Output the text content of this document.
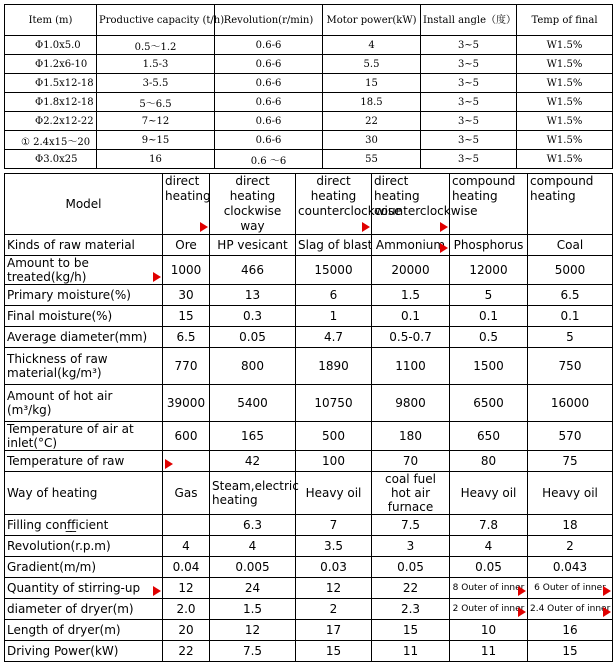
Item (m)	Productive capacity (t/h)	Revolution(r/min)	Motor power(kW)	Install angle（度）	Temp of final
Φ1.0x5.0	0.5～1.2	0.6-6	4	3~5	W1.5%
Φ1.2x6-10	1.5-3	0.6-6	5.5	3~5	W1.5%
Φ1.5x12-18	3-5.5	0.6-6	15	3~5	W1.5%
Φ1.8x12-18	5～6.5	0.6-6	18.5	3~5	W1.5%
Φ2.2x12-22	7~12	0.6-6	22	3~5	W1.5%
① 2.4x15～20	9~15	0.6-6	30	3~5	W1.5%
Φ3.0x25	16	0.6 ～6	55	3~5	W1.5%
Model	direct heating	direct heating clockwise way	direct heating counterclockwise	direct heating counterclockwise	compound heating	compound heating
Kinds of raw material	Ore	HP vesicant	Slag of blast	Ammonium	Phosphorus	Coal
Amount to be treated(kg/h)	1000	466	15000	20000	12000	5000
Primary moisture(%)	30	13	6	1.5	5	6.5
Final moisture(%)	15	0.3	1	0.1	0.1	0.1
Average diameter(mm)	6.5	0.05	4.7	0.5-0.7	0.5	5
Thickness of raw material(kg/m³)	770	800	1890	1100	1500	750
Amount of hot air (m³/kg)	39000	5400	10750	9800	6500	16000
Temperature of air at inlet(°C)	600	165	500	180	650	570
Temperature of raw		42	100	70	80	75
Way of heating	Gas	Steam,electric heating	Heavy oil	coal fuel hot air furnace	Heavy oil	Heavy oil
Filling conf̲f̲icient		6.3	7	7.5	7.8	18
Revolution(r.p.m)	4	4	3.5	3	4	2
Gradient(m/m)	0.04	0.005	0.03	0.05	0.05	0.043
Quantity of stirring-up	12	24	12	22	8 Outer of inner	6 Outer of inner

diameter of dryer(m)	2.0	1.5	2	2.3	2 Outer of inner	2.4 Outer of inner

Length of dryer(m)	20	12	17	15	10	16
Driving Power(kW)	22	7.5	15	11	11	15
